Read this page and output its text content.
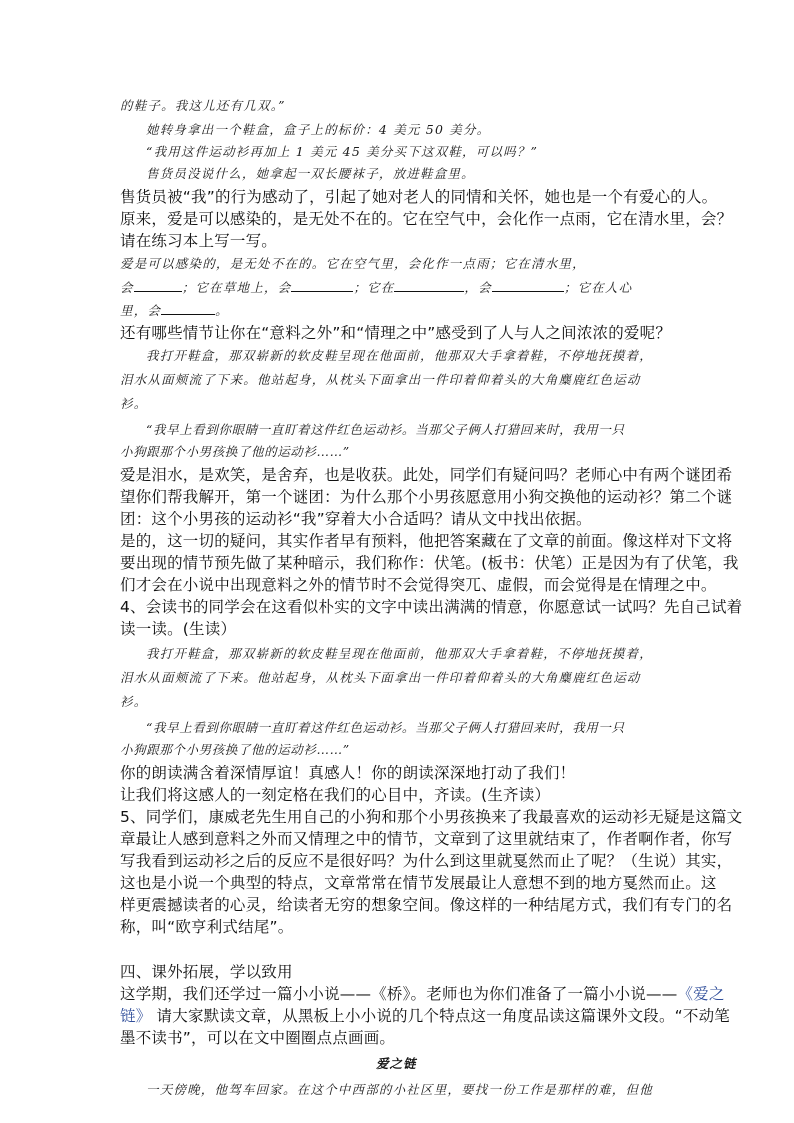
的鞋子。我这儿还有几双。”

她转身拿出一个鞋盒，盒子上的标价：4 美元 50 美分。

“我用这件运动衫再加上 1 美元 45 美分买下这双鞋，可以吗？”

售货员没说什么，她拿起一双长腰袜子，放进鞋盒里。

售货员被“我”的行为感动了，引起了她对老人的同情和关怀，她也是一个有爱心的人。

原来，爱是可以感染的，是无处不在的。它在空气中，会化作一点雨，它在清水里，会？

请在练习本上写一写。

爱是可以感染的，是无处不在的。它在空气里，会化作一点雨；它在清水里，

会	；它在草地上，会	；它在	，会	；它在人心

里，会	。

还有哪些情节让你在“意料之外”和“情理之中”感受到了人与人之间浓浓的爱呢？

我打开鞋盒，那双崭新的软皮鞋呈现在他面前，他那双大手拿着鞋，不停地抚摸着，

泪水从面颊流了下来。他站起身，从枕头下面拿出一件印着仰着头的大角麋鹿红色运动

衫。

“我早上看到你眼睛一直盯着这件红色运动衫。当那父子俩人打猎回来时，我用一只

小狗跟那个小男孩换了他的运动衫……”

爱是泪水，是欢笑，是舍弃，也是收获。此处，同学们有疑问吗？老师心中有两个谜团希

望你们帮我解开，第一个谜团：为什么那个小男孩愿意用小狗交换他的运动衫？第二个谜

团：这个小男孩的运动衫“我”穿着大小合适吗？请从文中找出依据。

是的，这一切的疑问，其实作者早有预料，他把答案藏在了文章的前面。像这样对下文将

要出现的情节预先做了某种暗示，我们称作：伏笔。(板书：伏笔）正是因为有了伏笔，我

们才会在小说中出现意料之外的情节时不会觉得突兀、虚假，而会觉得是在情理之中。

4、会读书的同学会在这看似朴实的文字中读出满满的情意，你愿意试一试吗？先自己试着

读一读。(生读）

我打开鞋盒，那双崭新的软皮鞋呈现在他面前，他那双大手拿着鞋，不停地抚摸着，

泪水从面颊流了下来。他站起身，从枕头下面拿出一件印着仰着头的大角麋鹿红色运动

衫。

“我早上看到你眼睛一直盯着这件红色运动衫。当那父子俩人打猎回来时，我用一只

小狗跟那个小男孩换了他的运动衫……”

你的朗读满含着深情厚谊！真感人！你的朗读深深地打动了我们！

让我们将这感人的一刻定格在我们的心目中，齐读。(生齐读）

5、同学们，康威老先生用自己的小狗和那个小男孩换来了我最喜欢的运动衫无疑是这篇文

章最让人感到意料之外而又情理之中的情节，文章到了这里就结束了，作者啊作者，你写

写我看到运动衫之后的反应不是很好吗？为什么到这里就戛然而止了呢？（生说）其实，

这也是小说一个典型的特点，文章常常在情节发展最让人意想不到的地方戛然而止。这

样更震撼读者的心灵，给读者无穷的想象空间。像这样的一种结尾方式，我们有专门的名

称，叫“欧亨利式结尾”。

四、课外拓展，学以致用

这学期，我们还学过一篇小小说——《桥》。老师也为你们准备了一篇小小说——《爱之

链》 请大家默读文章，从黑板上小小说的几个特点这一角度品读这篇课外文段。“不动笔

墨不读书”，可以在文中圈圈点点画画。

爱之链

一天傍晚，他驾车回家。在这个中西部的小社区里，要找一份工作是那样的难，但他
